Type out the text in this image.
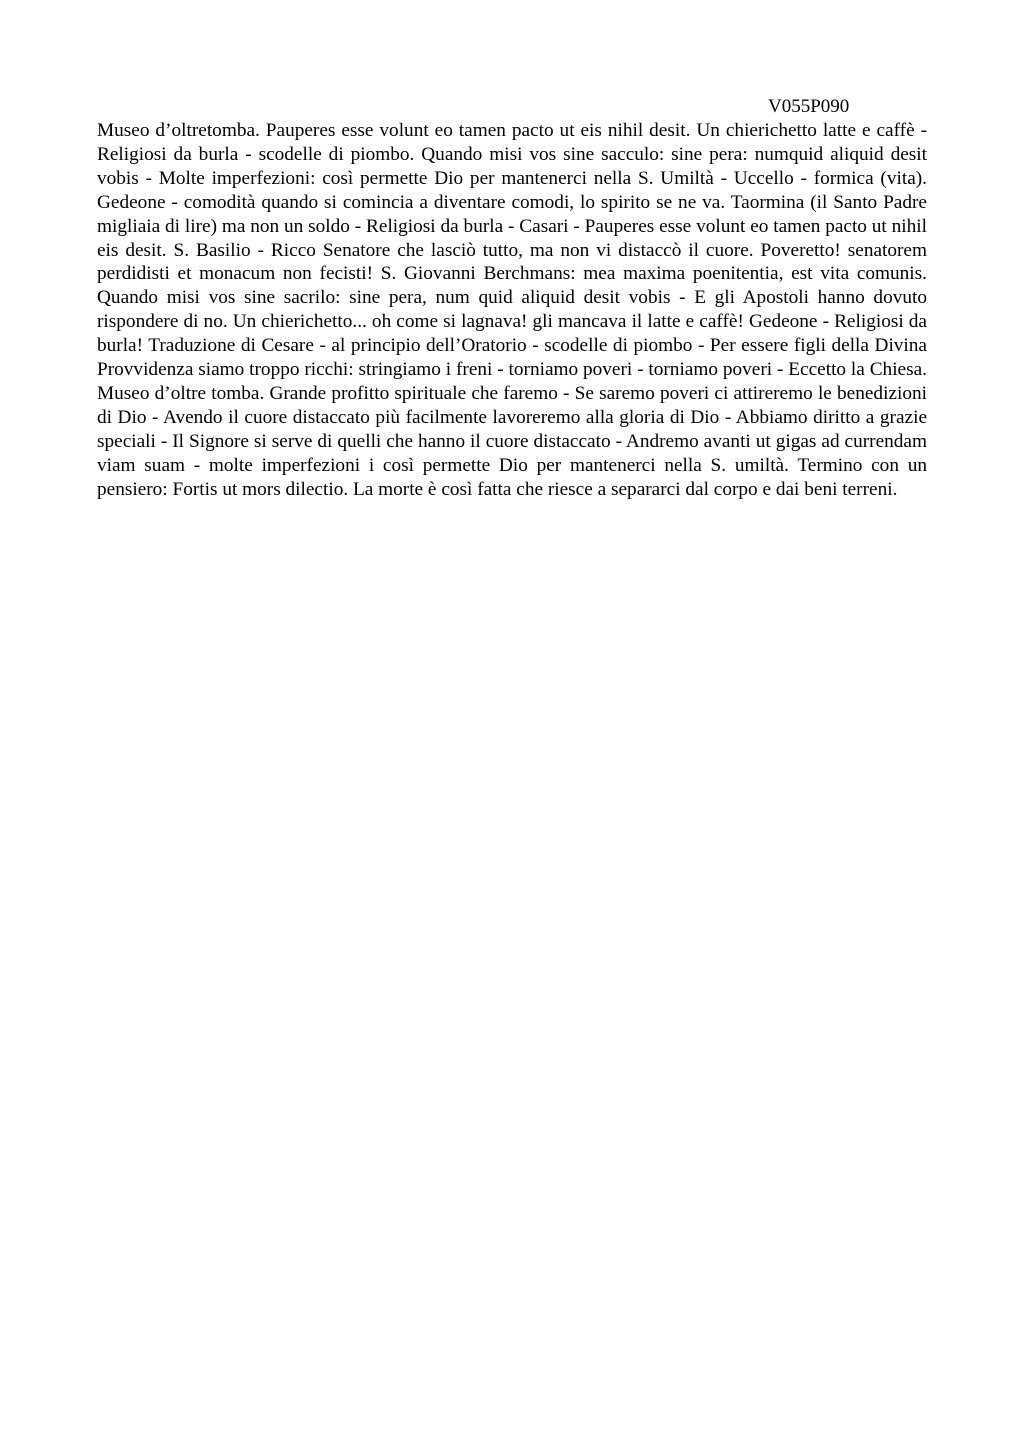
V055P090

Museo d’oltretomba. Pauperes esse volunt eo tamen pacto ut eis nihil desit. Un chierichetto latte e caffè - Religiosi da burla - scodelle di piombo. Quando misi vos sine sacculo: sine pera: numquid aliquid desit vobis - Molte imperfezioni: così permette Dio per mantenerci nella S. Umiltà - Uccello - formica (vita). Gedeone - comodità quando si comincia a diventare comodi, lo spirito se ne va. Taormina (il Santo Padre migliaia di lire) ma non un soldo - Religiosi da burla - Casari - Pauperes esse volunt eo tamen pacto ut nihil eis desit. S. Basilio - Ricco Senatore che lasciò tutto, ma non vi distaccò il cuore. Poveretto! senatorem perdidisti et monacum non fecisti! S. Giovanni Berchmans: mea maxima poenitentia, est vita comunis. Quando misi vos sine sacrilo: sine pera, num quid aliquid desit vobis - E gli Apostoli hanno dovuto rispondere di no. Un chierichetto... oh come si lagnava! gli mancava il latte e caffè! Gedeone - Religiosi da burla! Traduzione di Cesare - al principio dell’Oratorio - scodelle di piombo - Per essere figli della Divina Provvidenza siamo troppo ricchi: stringiamo i freni - torniamo poveri - torniamo poveri - Eccetto la Chiesa. Museo d’oltre tomba. Grande profitto spirituale che faremo - Se saremo poveri ci attireremo le benedizioni di Dio - Avendo il cuore distaccato più facilmente lavoreremo alla gloria di Dio - Abbiamo diritto a grazie speciali - Il Signore si serve di quelli che hanno il cuore distaccato - Andremo avanti ut gigas ad currendam viam suam - molte imperfezioni i così permette Dio per mantenerci nella S. umiltà. Termino con un pensiero: Fortis ut mors dilectio. La morte è così fatta che riesce a separarci dal corpo e dai beni terreni.
